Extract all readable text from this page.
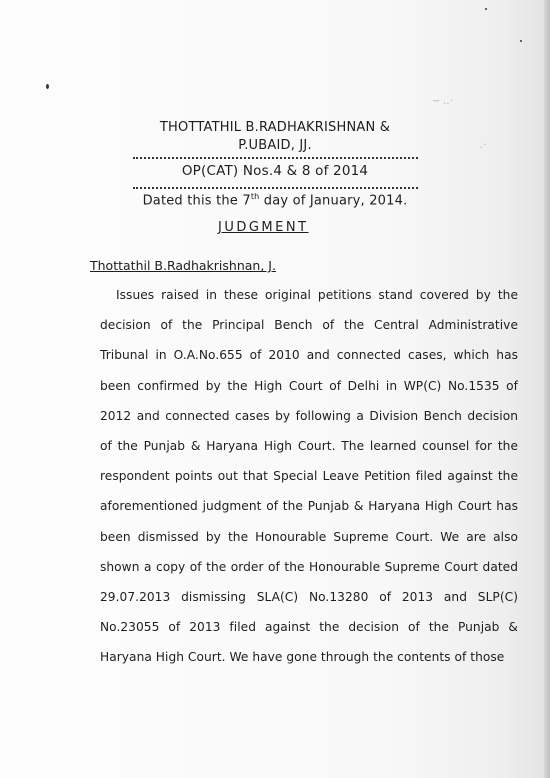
~ ..·
.·
THOTTATHIL B.RADHAKRISHNAN &
P.UBAID, JJ.
OP(CAT) Nos.4 & 8 of 2014
Dated this the 7th day of January, 2014.
JUDGMENT
Thottathil B.Radhakrishnan, J.
Issues raised in these original petitions stand covered by the decision of the Principal Bench of the Central Administrative Tribunal in O.A.No.655 of 2010 and connected cases, which has been confirmed by the High Court of Delhi in WP(C) No.1535 of 2012 and connected cases by following a Division Bench decision of the Punjab & Haryana High Court. The learned counsel for the respondent points out that Special Leave Petition filed against the aforementioned judgment of the Punjab & Haryana High Court has been dismissed by the Honourable Supreme Court. We are also shown a copy of the order of the Honourable Supreme Court dated 29.07.2013 dismissing SLA(C) No.13280 of 2013 and SLP(C) No.23055 of 2013 filed against the decision of the Punjab & Haryana High Court. We have gone through the contents of those
